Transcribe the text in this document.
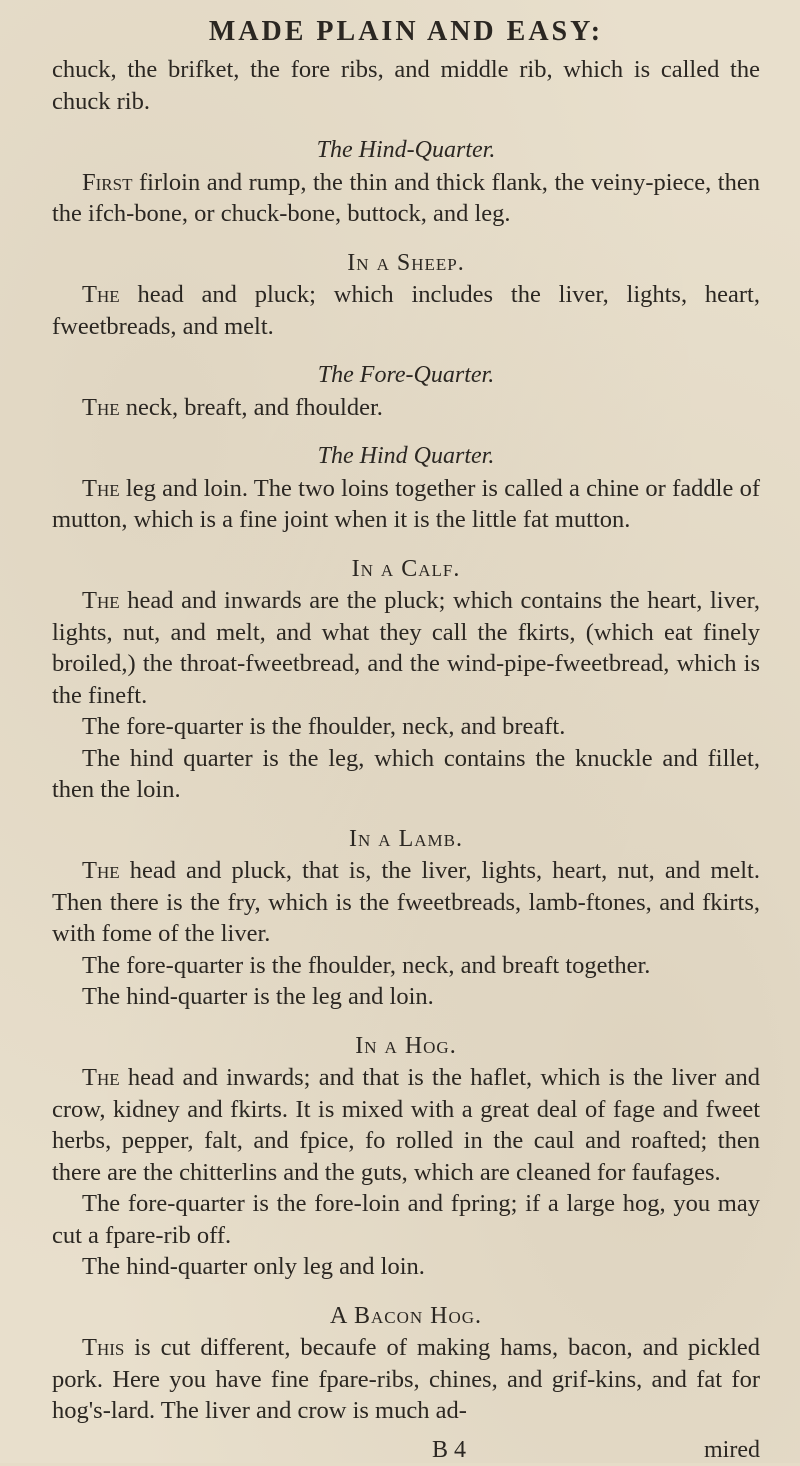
MADE PLAIN AND EASY:

chuck, the brifket, the fore ribs, and middle rib, which is called the chuck rib.

The Hind-Quarter.

First firloin and rump, the thin and thick flank, the veiny-piece, then the ifch-bone, or chuck-bone, buttock, and leg.

In a Sheep.

The head and pluck; which includes the liver, lights, heart, fweetbreads, and melt.

The Fore-Quarter.

The neck, breaft, and fhoulder.

The Hind Quarter.

The leg and loin. The two loins together is called a chine or faddle of mutton, which is a fine joint when it is the little fat mutton.

In a Calf.

The head and inwards are the pluck; which contains the heart, liver, lights, nut, and melt, and what they call the fkirts, (which eat finely broiled,) the throat-fweetbread, and the wind-pipe-fweetbread, which is the fineft.

The fore-quarter is the fhoulder, neck, and breaft.

The hind quarter is the leg, which contains the knuckle and fillet, then the loin.

In a Lamb.

The head and pluck, that is, the liver, lights, heart, nut, and melt. Then there is the fry, which is the fweetbreads, lamb-ftones, and fkirts, with fome of the liver.

The fore-quarter is the fhoulder, neck, and breaft together.

The hind-quarter is the leg and loin.

In a Hog.

The head and inwards; and that is the haflet, which is the liver and crow, kidney and fkirts. It is mixed with a great deal of fage and fweet herbs, pepper, falt, and fpice, fo rolled in the caul and roafted; then there are the chitterlins and the guts, which are cleaned for faufages.

The fore-quarter is the fore-loin and fpring; if a large hog, you may cut a fpare-rib off.

The hind-quarter only leg and loin.

A Bacon Hog.

This is cut different, becaufe of making hams, bacon, and pickled pork. Here you have fine fpare-ribs, chines, and grif-kins, and fat for hog's-lard. The liver and crow is much ad-

B 4	mired
